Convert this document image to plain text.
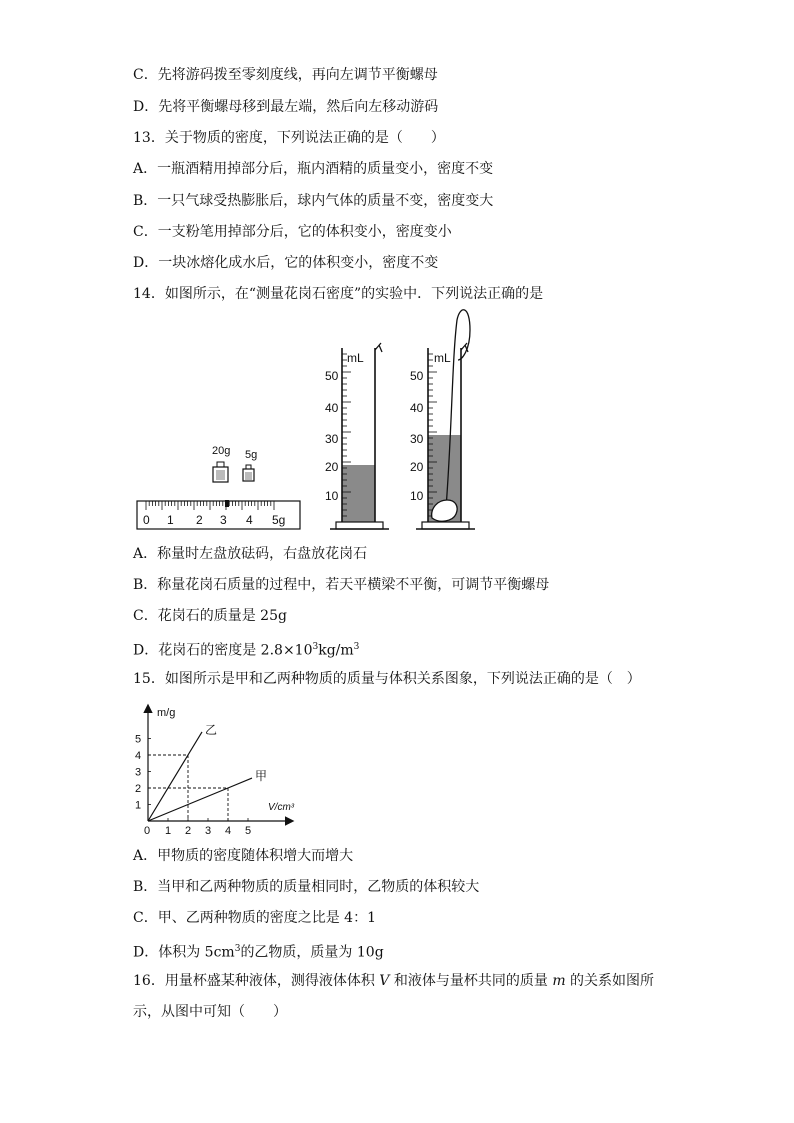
C．先将游码拨至零刻度线，再向左调节平衡螺母
D．先将平衡螺母移到最左端，然后向左移动游码
13．关于物质的密度，下列说法正确的是（　　）
A．一瓶酒精用掉部分后，瓶内酒精的质量变小，密度不变
B．一只气球受热膨胀后，球内气体的质量不变，密度变大
C．一支粉笔用掉部分后，它的体积变小，密度变小
D．一块冰熔化成水后，它的体积变小，密度不变
14．如图所示，在“测量花岗石密度”的实验中．下列说法正确的是
20g 5g
0 1 2 3 4 5g
mL
50
40
30
20
10
mL
50
40
30
20
10
A．称量时左盘放砝码，右盘放花岗石
B．称量花岗石质量的过程中，若天平横梁不平衡，可调节平衡螺母
C．花岗石的质量是 25g
D．花岗石的密度是 $2.8\times 10^3kg/m^3$
15．如图所示是甲和乙两种物质的质量与体积关系图象，下列说法正确的是（　）
m/g
V/cm³
0 1 2 3 4 5
1
2
3
4
5
乙
甲
A．甲物质的密度随体积增大而增大
B．当甲和乙两种物质的质量相同时，乙物质的体积较大
C．甲、乙两种物质的密度之比是 4：1
D．体积为 $5cm^3$的乙物质，质量为 10g
16．用量杯盛某种液体，测得液体体积 V 和液体与量杯共同的质量 m 的关系如图所
示，从图中可知（　　）
